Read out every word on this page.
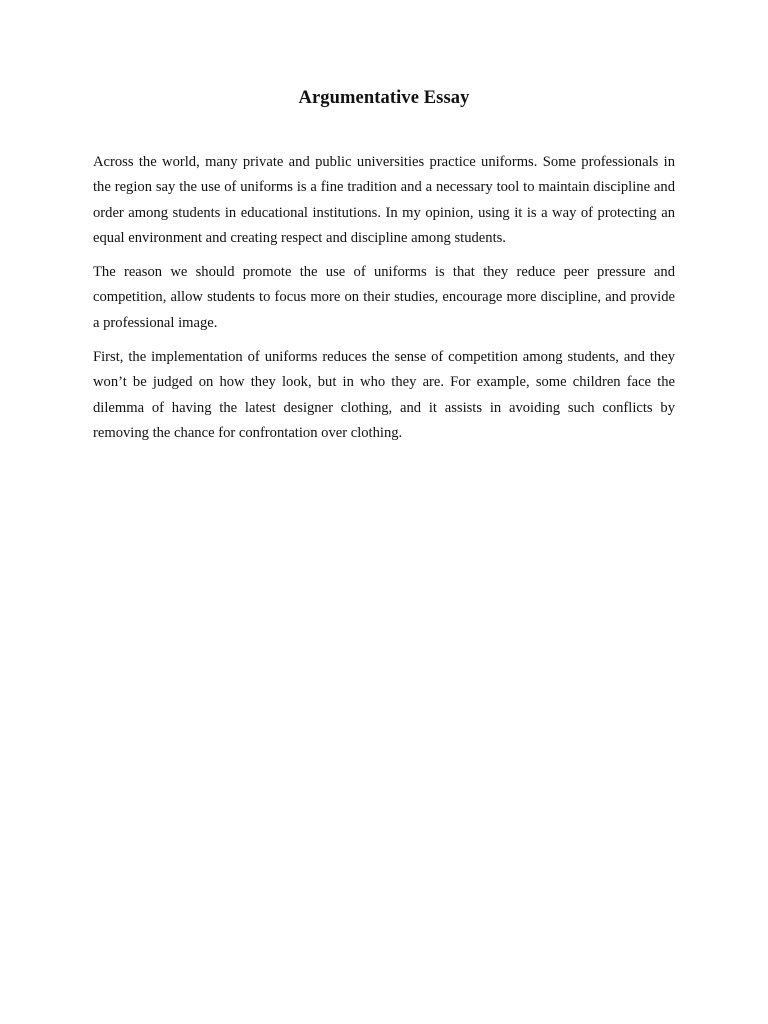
Argumentative Essay

Across the world, many private and public universities practice uniforms. Some professionals in the region say the use of uniforms is a fine tradition and a necessary tool to maintain discipline and order among students in educational institutions. In my opinion, using it is a way of protecting an equal environment and creating respect and discipline among students.

The reason we should promote the use of uniforms is that they reduce peer pressure and competition, allow students to focus more on their studies, encourage more discipline, and provide a professional image.

First, the implementation of uniforms reduces the sense of competition among students, and they won’t be judged on how they look, but in who they are. For example, some children face the dilemma of having the latest designer clothing, and it assists in avoiding such conflicts by removing the chance for confrontation over clothing.
